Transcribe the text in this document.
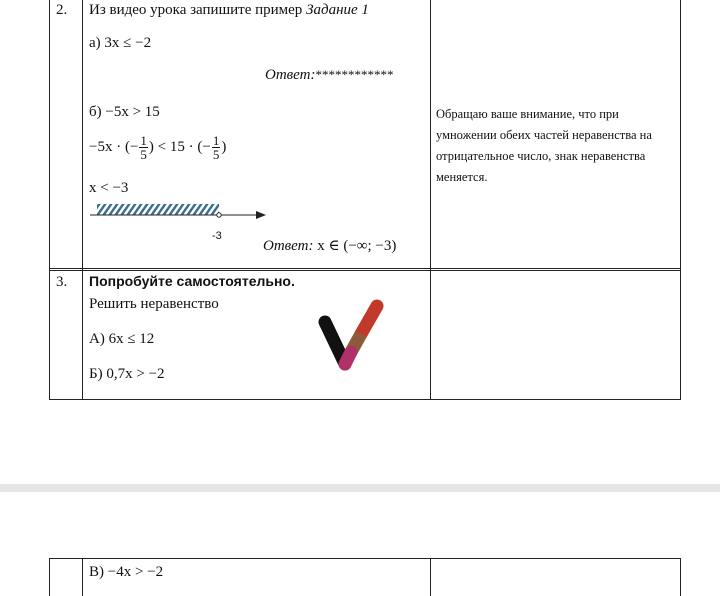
2. Из видео урока запишите пример Задание 1
а) 3x ≤ −2
Ответ:************
б) −5x > 15
−5x · (− $\frac{1}{5}$ ) < 15 · (− $\frac{1}{5}$ )
x < −3
-3
Ответ: x ∈ (−∞; −3)
Обращаю ваше внимание, что при умножении обеих частей неравенства на отрицательное число, знак неравенства меняется.
3. Попробуйте самостоятельно.
Решить неравенство
А) 6x ≤ 12
Б) 0,7x > −2
В) −4x > −2
